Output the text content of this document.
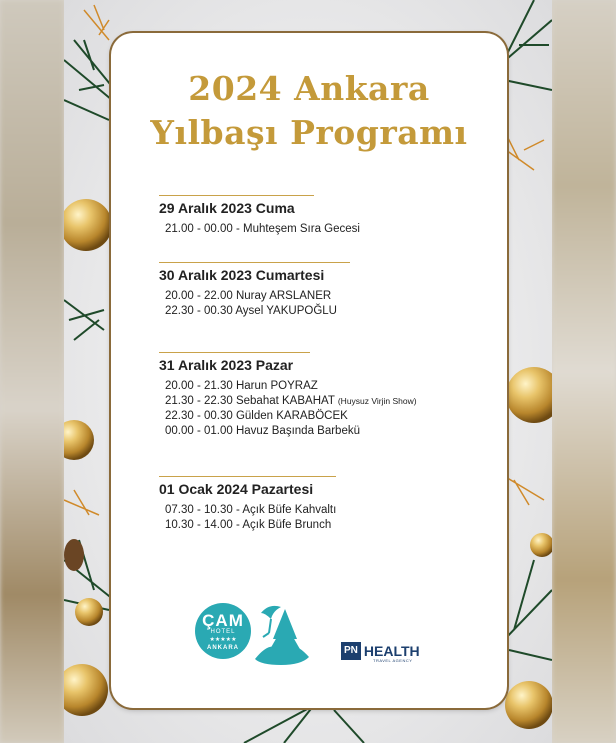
2024 Ankara
Yılbaşı Programı
29 Aralık 2023 Cuma
21.00 - 00.00 - Muhteşem Sıra Gecesi
30 Aralık 2023 Cumartesi
20.00 - 22.00 Nuray ARSLANER
22.30 - 00.30 Aysel YAKUPOĞLU
31 Aralık 2023 Pazar
20.00 - 21.30 Harun POYRAZ
21.30 - 22.30 Sebahat KABAHAT (Huysuz Virjin Show)
22.30 - 00.30 Gülden KARABÖCEK
00.00 - 01.00 Havuz Başında Barbekü
01 Ocak 2024 Pazartesi
07.30 - 10.30 - Açık Büfe Kahvaltı
10.30 - 14.00 - Açık Büfe Brunch
ÇAM
HOTEL
★★★★★
ANKARA	PN HEALTH
TRAVEL AGENCY
